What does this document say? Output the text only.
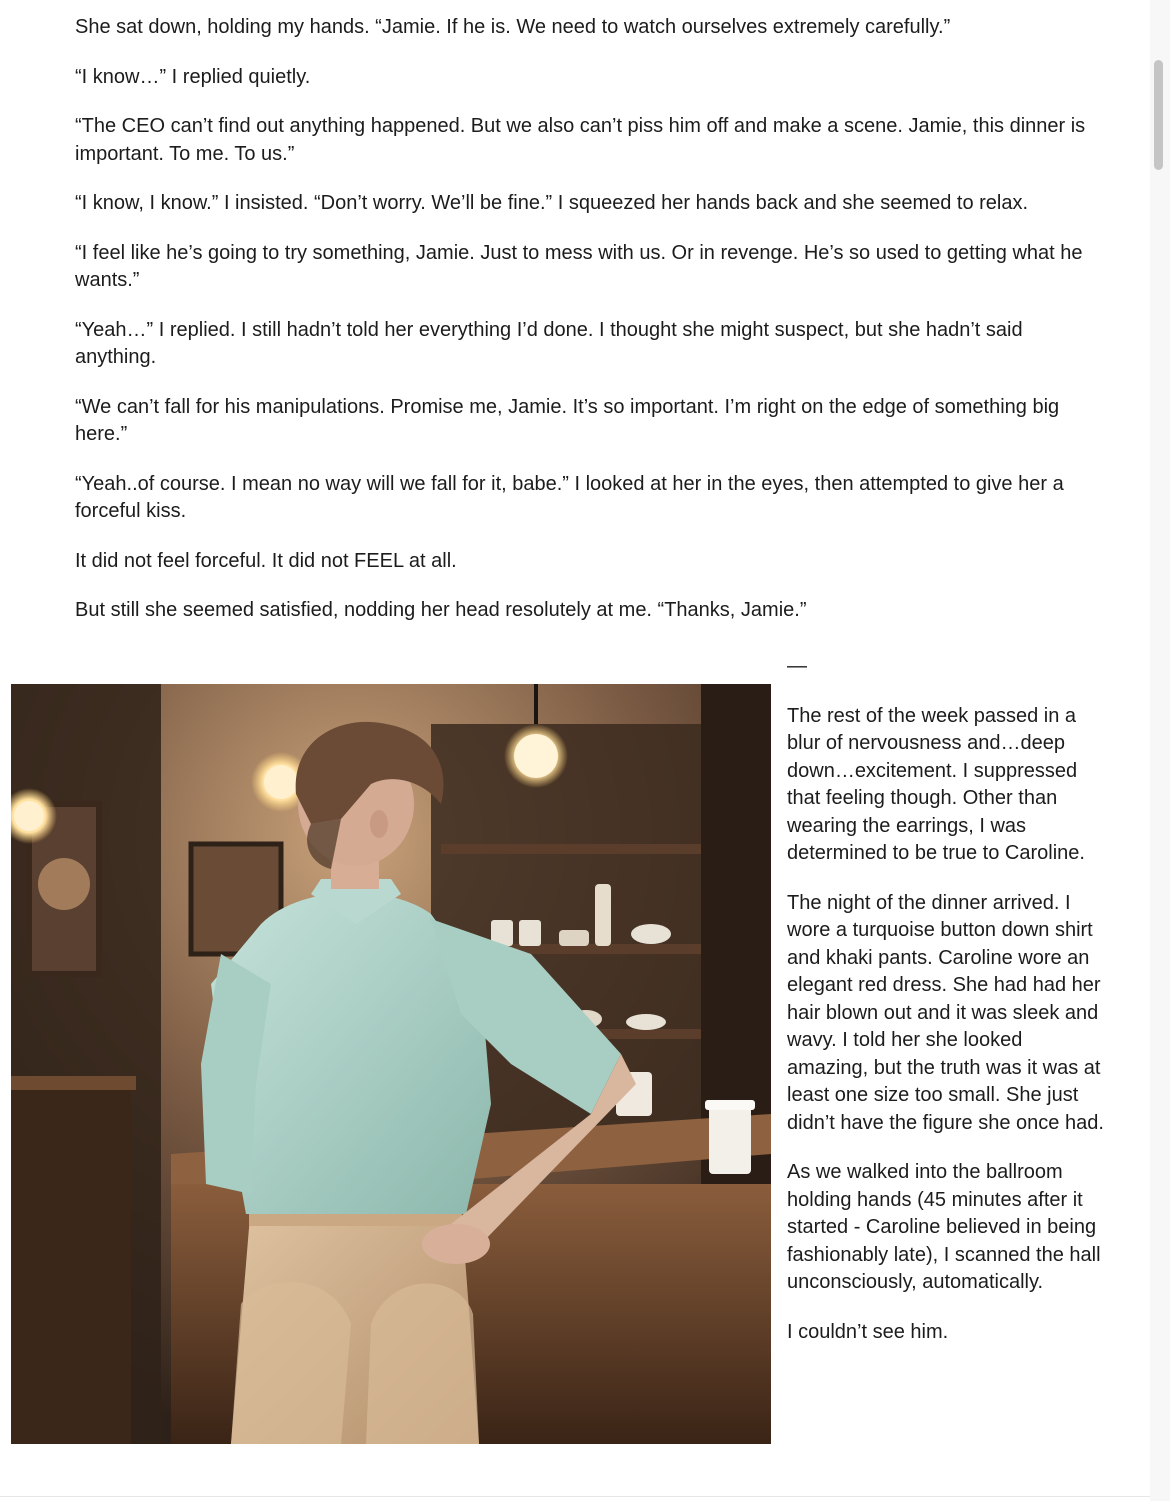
She sat down, holding my hands. “Jamie. If he is. We need to watch ourselves extremely carefully.”

“I know…” I replied quietly.

“The CEO can’t find out anything happened. But we also can’t piss him off and make a scene. Jamie, this dinner is important. To me. To us.”

“I know, I know.” I insisted. “Don’t worry. We’ll be fine.” I squeezed her hands back and she seemed to relax.

“I feel like he’s going to try something, Jamie. Just to mess with us. Or in revenge. He’s so used to getting what he wants.”

“Yeah…” I replied. I still hadn’t told her everything I’d done. I thought she might suspect, but she hadn’t said anything.

“We can’t fall for his manipulations. Promise me, Jamie. It’s so important. I’m right on the edge of something big here.”

“Yeah..of course. I mean no way will we fall for it, babe.” I looked at her in the eyes, then attempted to give her a forceful kiss.

It did not feel forceful. It did not FEEL at all.

But still she seemed satisfied, nodding her head resolutely at me. “Thanks, Jamie.”

—

The rest of the week passed in a blur of nervousness and…deep down…excitement. I suppressed that feeling though. Other than wearing the earrings, I was determined to be true to Caroline.

The night of the dinner arrived. I wore a turquoise button down shirt and khaki pants. Caroline wore an elegant red dress. She had had her hair blown out and it was sleek and wavy. I told her she looked amazing, but the truth was it was at least one size too small. She just didn’t have the figure she once had.

As we walked into the ballroom holding hands (45 minutes after it started - Caroline believed in being fashionably late), I scanned the hall unconsciously, automatically.

I couldn’t see him.
